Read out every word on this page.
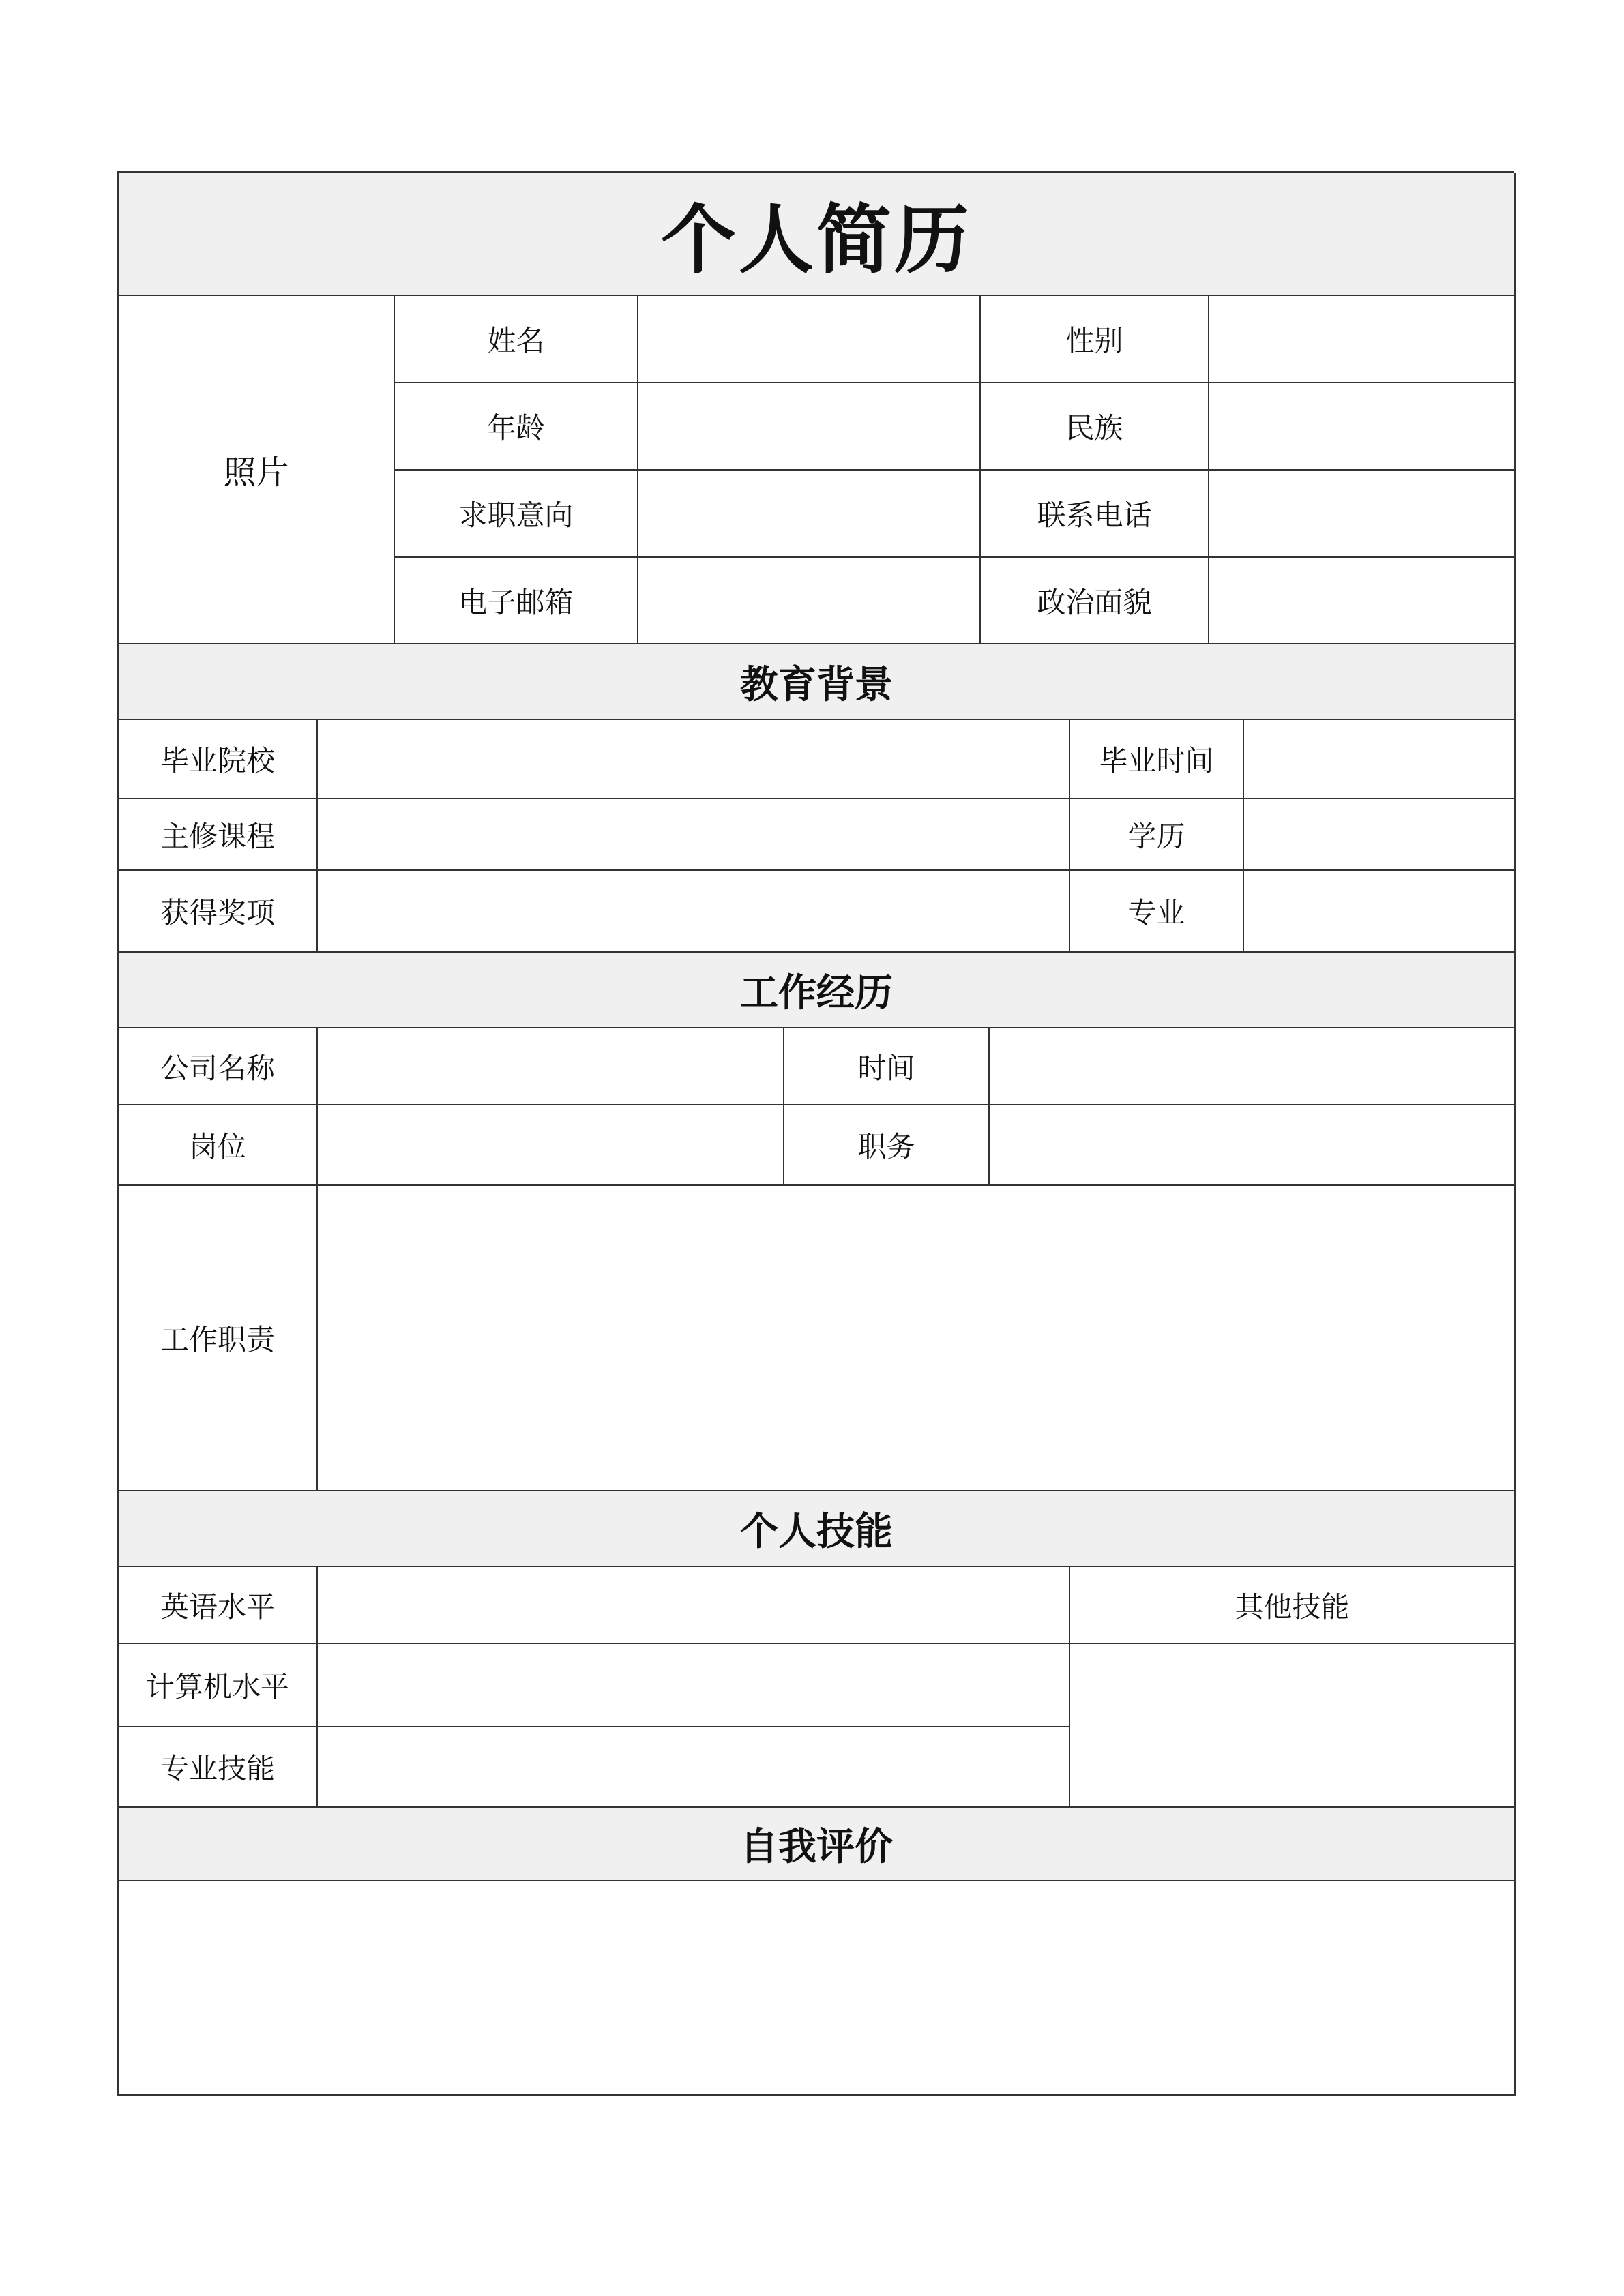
个人简历
照片
姓名	性别
年龄	民族
求职意向	联系电话
电子邮箱	政治面貌
教育背景
毕业院校	毕业时间
主修课程	学历
获得奖项	专业
工作经历
公司名称	时间
岗位	职务
工作职责
个人技能
英语水平	其他技能
计算机水平
专业技能
自我评价
